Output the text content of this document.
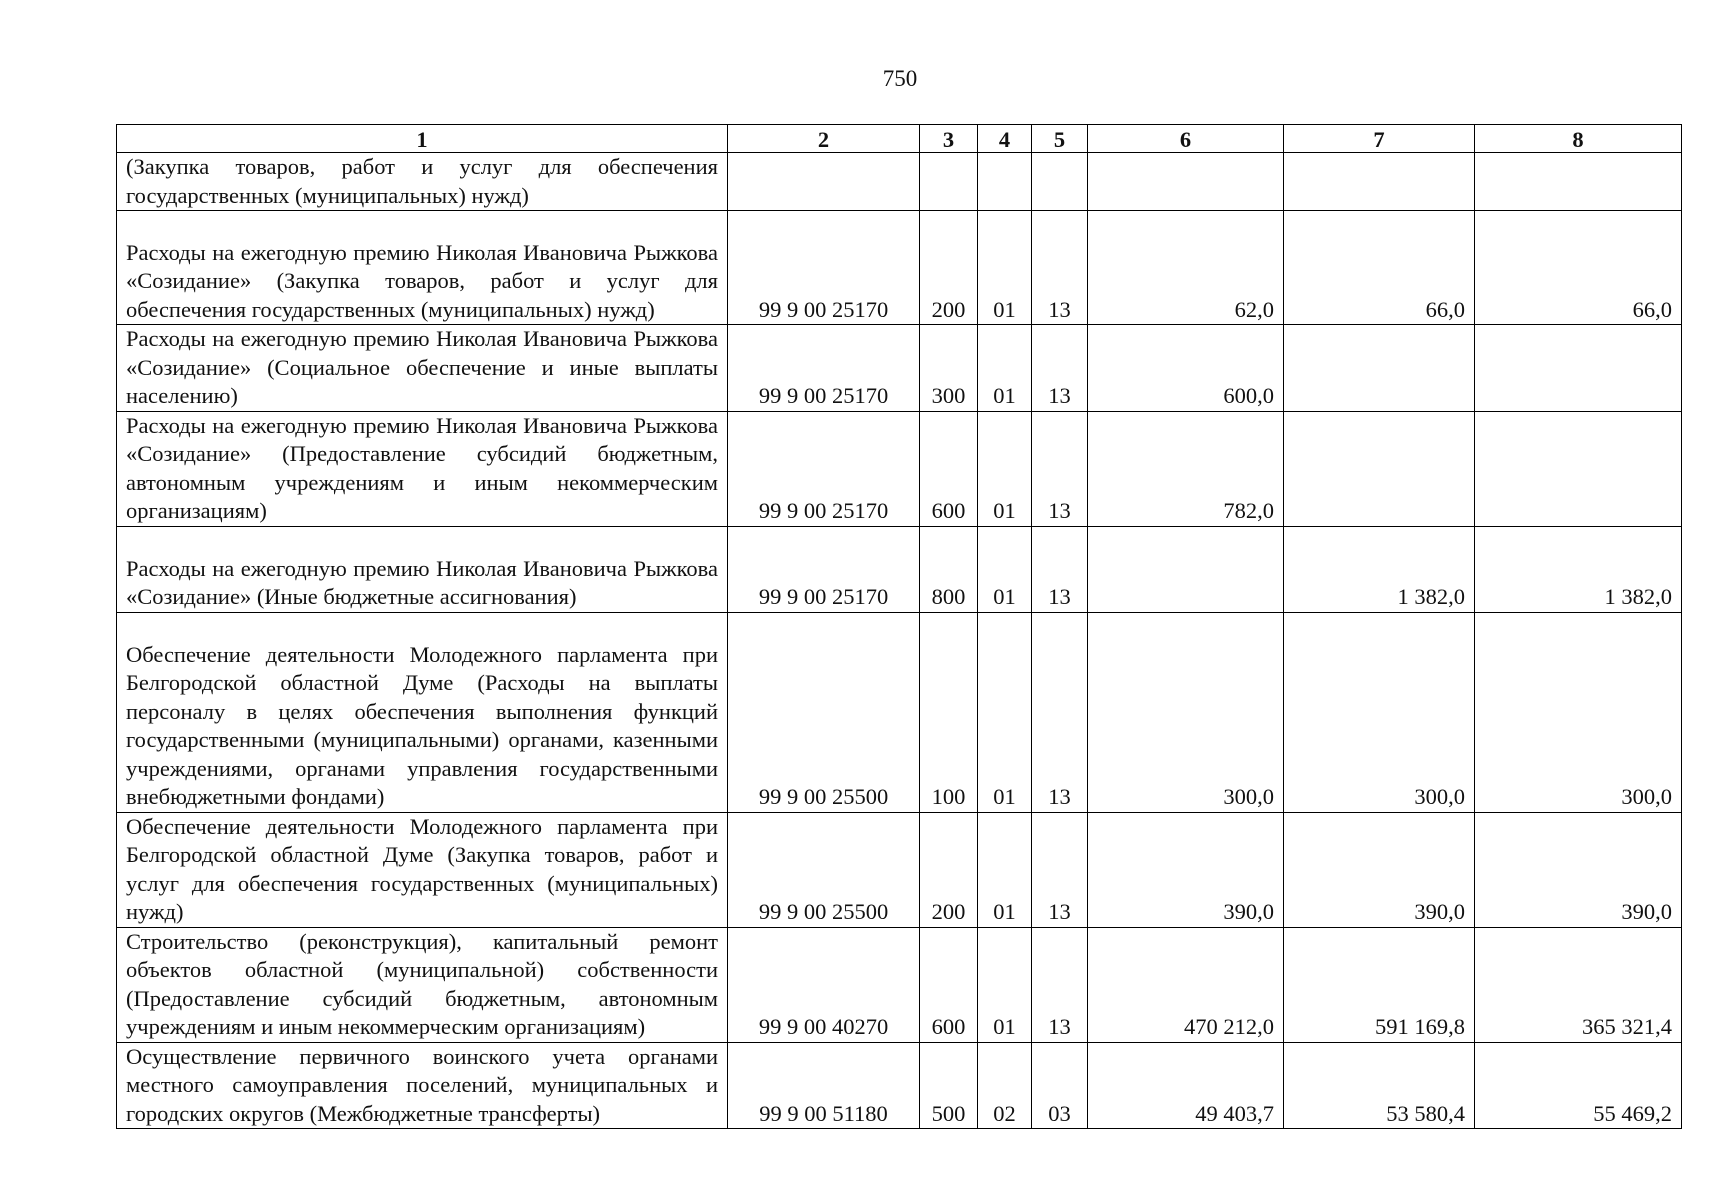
750
1	2	3	4	5	6	7	8
(Закупка товаров, работ и услуг для обеспечения государственных (муниципальных) нужд)							
Расходы на ежегодную премию Николая Ивановича Рыжкова «Созидание» (Закупка товаров, работ и услуг для обеспечения государственных (муниципальных) нужд)	99 9 00 25170	200	01	13	62,0	66,0	66,0
Расходы на ежегодную премию Николая Ивановича Рыжкова «Созидание» (Социальное обеспечение и иные выплаты населению)	99 9 00 25170	300	01	13	600,0		
Расходы на ежегодную премию Николая Ивановича Рыжкова «Созидание» (Предоставление субсидий бюджетным, автономным учреждениям и иным некоммерческим организациям)	99 9 00 25170	600	01	13	782,0		
Расходы на ежегодную премию Николая Ивановича Рыжкова «Созидание» (Иные бюджетные ассигнования)	99 9 00 25170	800	01	13		1 382,0	1 382,0
Обеспечение деятельности Молодежного парламента при Белгородской областной Думе (Расходы на выплаты персоналу в целях обеспечения выполнения функций государственными (муниципальными) органами, казенными учреждениями, органами управления государственными внебюджетными фондами)	99 9 00 25500	100	01	13	300,0	300,0	300,0
Обеспечение деятельности Молодежного парламента при Белгородской областной Думе (Закупка товаров, работ и услуг для обеспечения государственных (муниципальных) нужд)	99 9 00 25500	200	01	13	390,0	390,0	390,0
Строительство (реконструкция), капитальный ремонт объектов областной (муниципальной) собственности (Предоставление субсидий бюджетным, автономным учреждениям и иным некоммерческим организациям)	99 9 00 40270	600	01	13	470 212,0	591 169,8	365 321,4
Осуществление первичного воинского учета органами местного самоуправления поселений, муниципальных и городских округов (Межбюджетные трансферты)	99 9 00 51180	500	02	03	49 403,7	53 580,4	55 469,2
